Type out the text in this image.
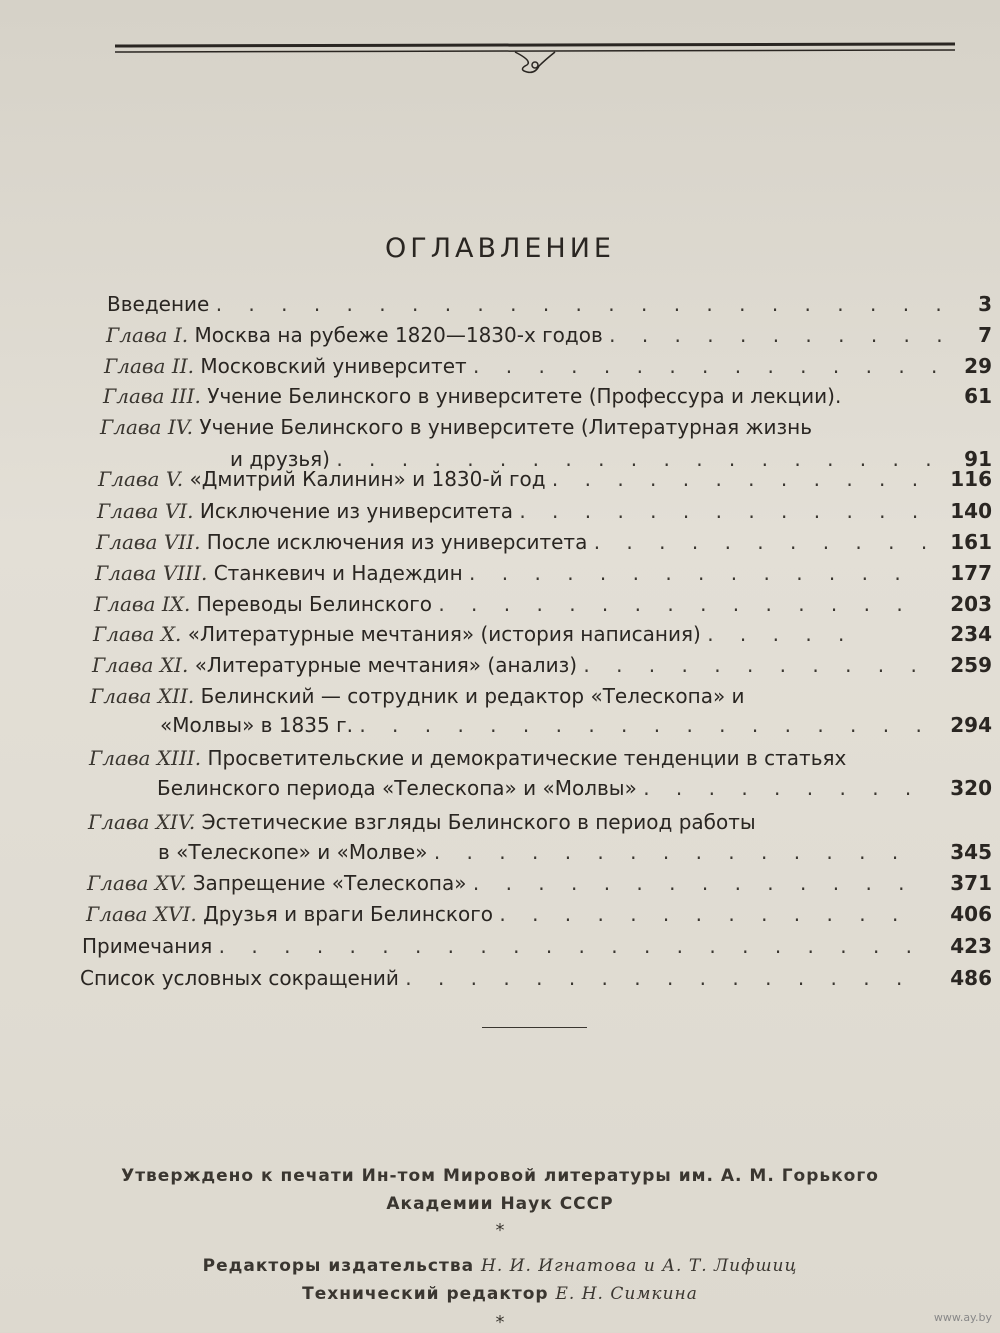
ОГЛАВЛЕНИЕ
Введение . . . . . . . . . . . . . . . . . . . . . . . 3
Глава I. Москва на рубеже 1820—1830-х годов . . . . . . . . . . . 7
Глава II. Московский университет . . . . . . . . . . . . . . . 29
Глава III. Учение Белинского в университете (Профессура и лекции).	61
Глава IV. Учение Белинского в университете (Литературная жизнь
и друзья) . . . . . . . . . . . . . . . . . . . 91
Глава V. «Дмитрий Калинин» и 1830-й год . . . . . . . . . . . . 116
Глава VI. Исключение из университета . . . . . . . . . . . . . 140
Глава VII. После исключения из университета . . . . . . . . . . . 161
Глава VIII. Станкевич и Надеждин . . . . . . . . . . . . . . 177
Глава IX. Переводы Белинского . . . . . . . . . . . . . . . 203
Глава X. «Литературные мечтания» (история написания) . . . . .	234
Глава XI. «Литературные мечтания» (анализ) . . . . . . . . . . . 259
Глава XII. Белинский — сотрудник и редактор «Телескопа» и
«Молвы» в 1835 г. . . . . . . . . . . . . . . . . . . 294
Глава XIII. Просветительские и демократические тенденции в статьях
Белинского периода «Телескопа» и «Молвы» . . . . . . . . . 320
Глава XIV. Эстетические взгляды Белинского в период работы
в «Телескопе» и «Молве» . . . . . . . . . . . . . . . 345
Глава XV. Запрещение «Телескопа» . . . . . . . . . . . . . . 371
Глава XVI. Друзья и враги Белинского . . . . . . . . . . . . . 406
Примечания . . . . . . . . . . . . . . . . . . . . . . 423
Список условных сокращений . . . . . . . . . . . . . . . . 486
Утверждено к печати Ин-том Мировой литературы им. А. М. Горького
Академии Наук СССР
*
Редакторы издательства Н. И. Игнатова и А. Т. Лифшиц
Технический редактор Е. Н. Симкина
*	www.ay.by
